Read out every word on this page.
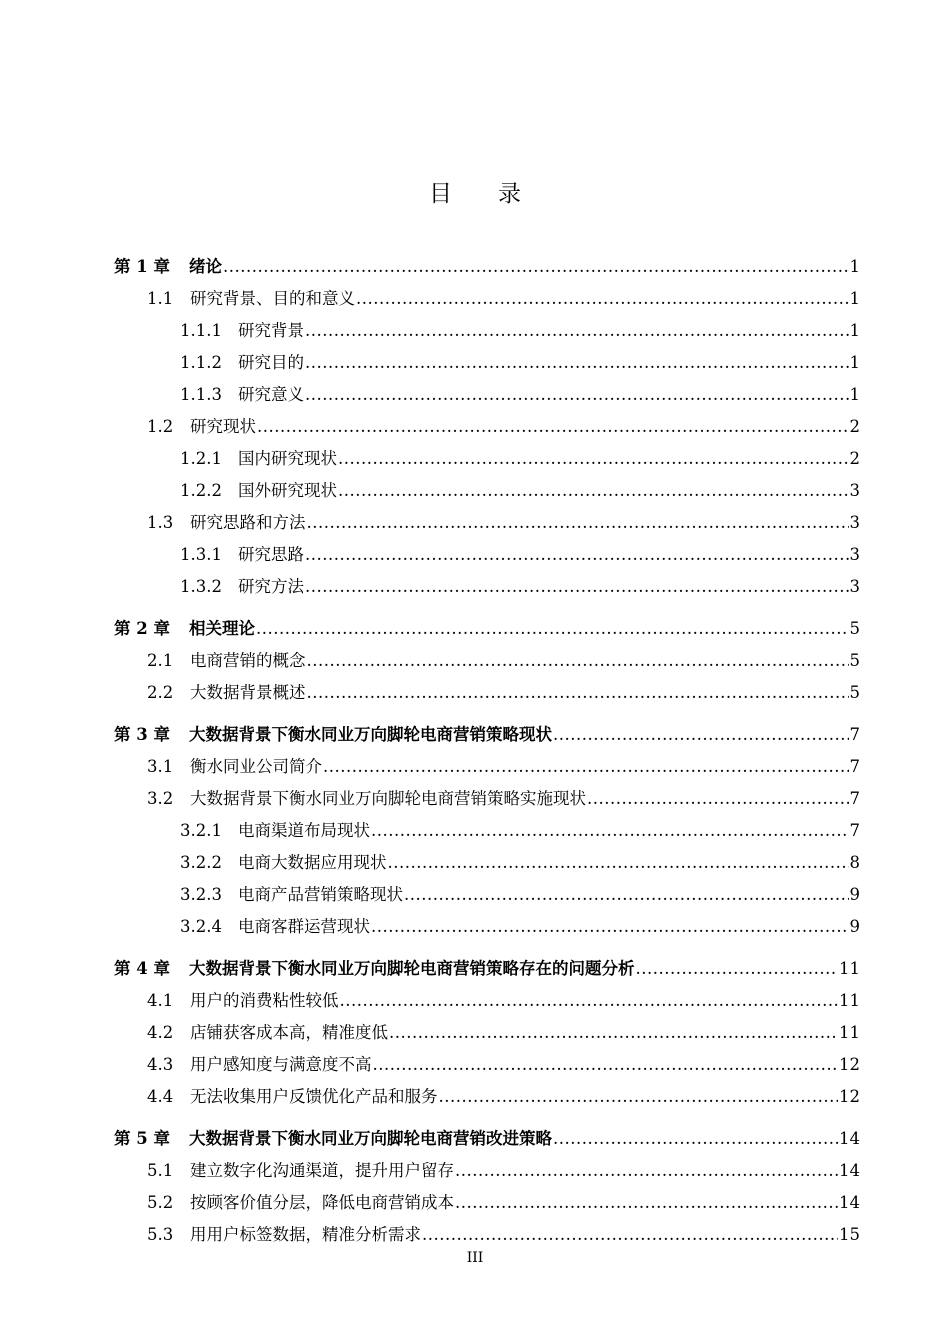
目 录
第 1 章	绪论 .....	1
1.1	研究背景、目的和意义 .....	1
1.1.1 研究背景 .....	1
1.1.2 研究目的 .....	1
1.1.3 研究意义 .....	1
1.2	研究现状 .....	2
1.2.1 国内研究现状 .....	2
1.2.2 国外研究现状 .....	3
1.3	研究思路和方法 .....	3
1.3.1 研究思路 .....	3
1.3.2 研究方法 .....	3
第 2 章	相关理论 .....	5
2.1	电商营销的概念 .....	5
2.2	大数据背景概述 .....	5
第 3 章	大数据背景下衡水同业万向脚轮电商营销策略现状 .....	7
3.1	衡水同业公司简介 .....	7
3.2	大数据背景下衡水同业万向脚轮电商营销策略实施现状 .....	7
3.2.1 电商渠道布局现状 .....	7
3.2.2 电商大数据应用现状 .....	8
3.2.3 电商产品营销策略现状 .....	9
3.2.4 电商客群运营现状 .....	9
第 4 章	大数据背景下衡水同业万向脚轮电商营销策略存在的问题分析 .....	11
4.1	用户的消费粘性较低 .....	11
4.2	店铺获客成本高，精准度低 .....	11
4.3	用户感知度与满意度不高 .....	12
4.4	无法收集用户反馈优化产品和服务 .....	12
第 5 章	大数据背景下衡水同业万向脚轮电商营销改进策略 .....	14
5.1	建立数字化沟通渠道，提升用户留存 .....	14
5.2	按顾客价值分层，降低电商营销成本 .....	14
5.3	用用户标签数据，精准分析需求 .....	15
III
